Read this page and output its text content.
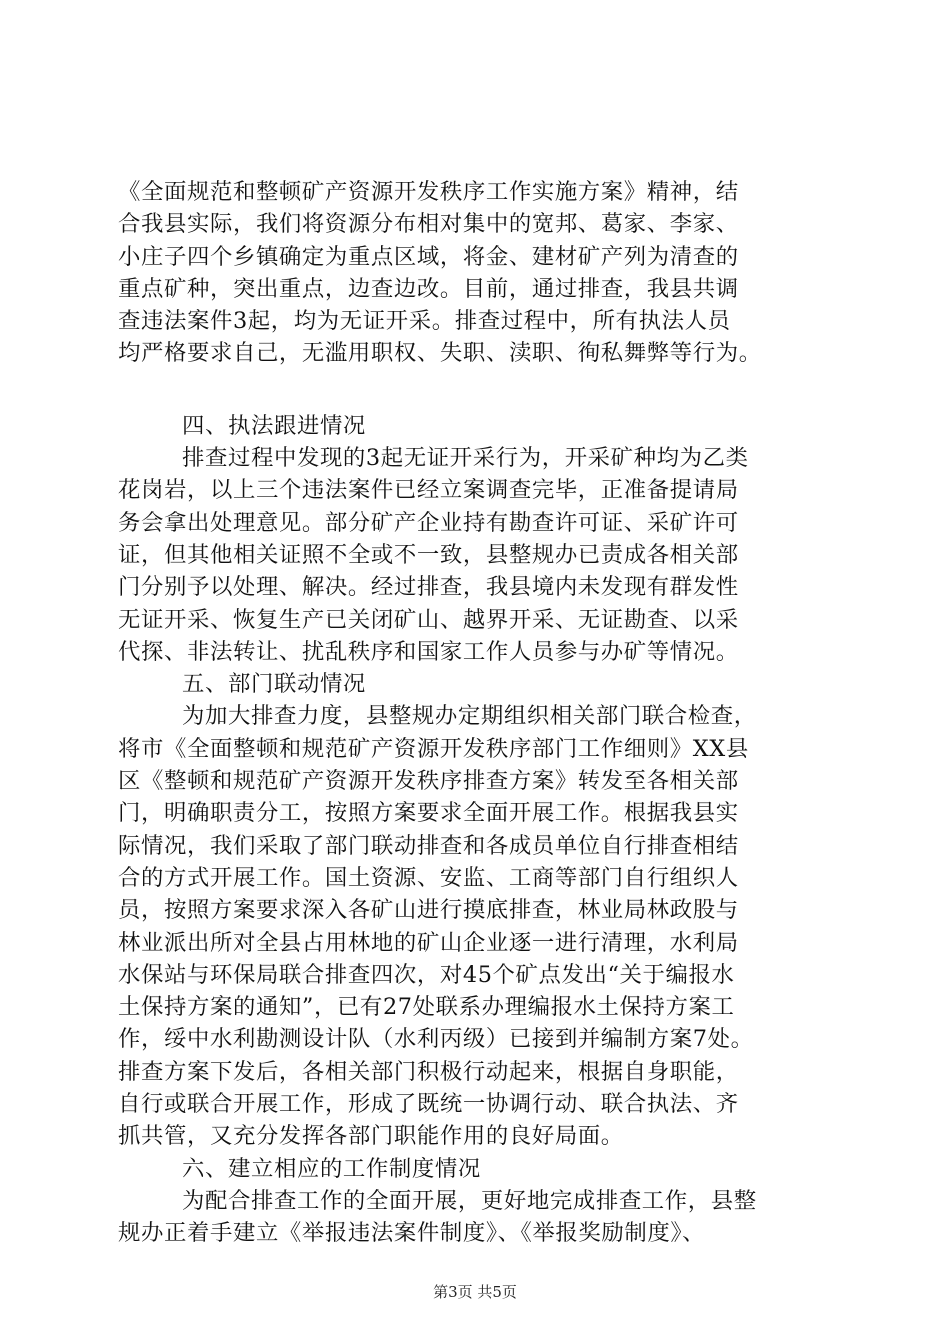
《全面规范和整顿矿产资源开发秩序工作实施方案》精神，结
合我县实际，我们将资源分布相对集中的宽邦、葛家、李家、
小庄子四个乡镇确定为重点区域，将金、建材矿产列为清查的
重点矿种，突出重点，边查边改。目前，通过排查，我县共调
查违法案件3起，均为无证开采。排查过程中，所有执法人员
均严格要求自己，无滥用职权、失职、渎职、徇私舞弊等行为。
四、执法跟进情况
排查过程中发现的3起无证开采行为，开采矿种均为乙类
花岗岩，以上三个违法案件已经立案调查完毕，正准备提请局
务会拿出处理意见。部分矿产企业持有勘查许可证、采矿许可
证，但其他相关证照不全或不一致，县整规办已责成各相关部
门分别予以处理、解决。经过排查，我县境内未发现有群发性
无证开采、恢复生产已关闭矿山、越界开采、无证勘查、以采
代探、非法转让、扰乱秩序和国家工作人员参与办矿等情况。
五、部门联动情况
为加大排查力度，县整规办定期组织相关部门联合检查，
将市《全面整顿和规范矿产资源开发秩序部门工作细则》XX县
区《整顿和规范矿产资源开发秩序排查方案》转发至各相关部
门，明确职责分工，按照方案要求全面开展工作。根据我县实
际情况，我们采取了部门联动排查和各成员单位自行排查相结
合的方式开展工作。国土资源、安监、工商等部门自行组织人
员，按照方案要求深入各矿山进行摸底排查，林业局林政股与
林业派出所对全县占用林地的矿山企业逐一进行清理，水利局
水保站与环保局联合排查四次，对45个矿点发出“关于编报水
土保持方案的通知”，已有27处联系办理编报水土保持方案工
作，绥中水利勘测设计队（水利丙级）已接到并编制方案7处。
排查方案下发后，各相关部门积极行动起来，根据自身职能，
自行或联合开展工作，形成了既统一协调行动、联合执法、齐
抓共管，又充分发挥各部门职能作用的良好局面。
六、建立相应的工作制度情况
为配合排查工作的全面开展，更好地完成排查工作，县整
规办正着手建立《举报违法案件制度》、《举报奖励制度》、
第3页 共5页
